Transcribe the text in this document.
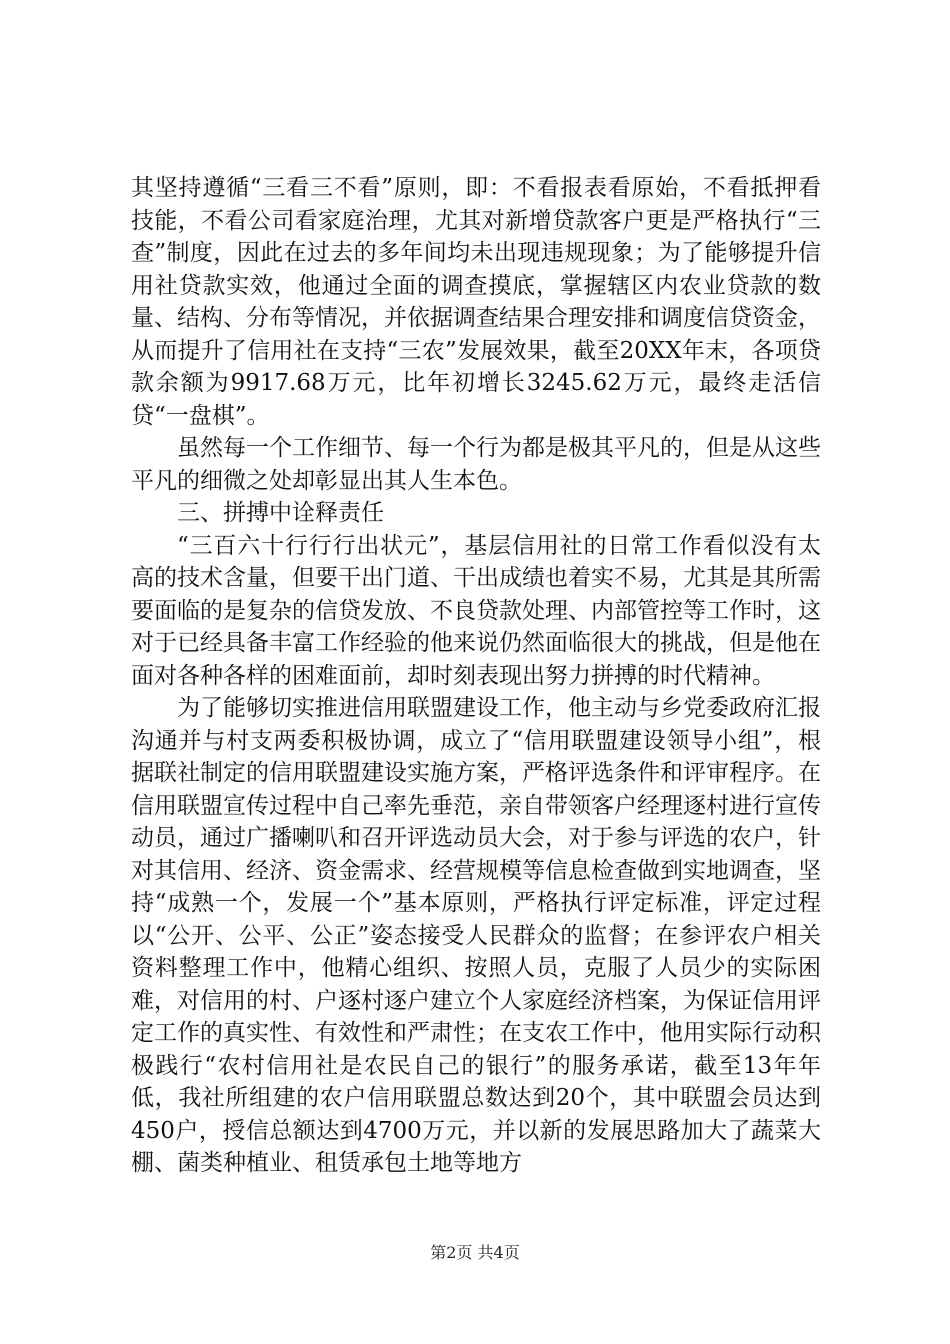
其坚持遵循“三看三不看”原则，即：不看报表看原始，不看抵押看技能，不看公司看家庭治理，尤其对新增贷款客户更是严格执行“三查”制度，因此在过去的多年间均未出现违规现象；为了能够提升信用社贷款实效，他通过全面的调查摸底，掌握辖区内农业贷款的数量、结构、分布等情况，并依据调查结果合理安排和调度信贷资金，从而提升了信用社在支持“三农”发展效果，截至20XX年末，各项贷款余额为9917.68万元，比年初增长3245.62万元，最终走活信贷“一盘棋”。

虽然每一个工作细节、每一个行为都是极其平凡的，但是从这些平凡的细微之处却彰显出其人生本色。

三、拼搏中诠释责任

“三百六十行行行出状元”，基层信用社的日常工作看似没有太高的技术含量，但要干出门道、干出成绩也着实不易，尤其是其所需要面临的是复杂的信贷发放、不良贷款处理、内部管控等工作时，这对于已经具备丰富工作经验的他来说仍然面临很大的挑战，但是他在面对各种各样的困难面前，却时刻表现出努力拼搏的时代精神。

为了能够切实推进信用联盟建设工作，他主动与乡党委政府汇报沟通并与村支两委积极协调，成立了“信用联盟建设领导小组”，根据联社制定的信用联盟建设实施方案，严格评选条件和评审程序。在信用联盟宣传过程中自己率先垂范，亲自带领客户经理逐村进行宣传动员，通过广播喇叭和召开评选动员大会，对于参与评选的农户，针对其信用、经济、资金需求、经营规模等信息检查做到实地调查，坚持“成熟一个，发展一个”基本原则，严格执行评定标准，评定过程以“公开、公平、公正”姿态接受人民群众的监督；在参评农户相关资料整理工作中，他精心组织、按照人员，克服了人员少的实际困难，对信用的村、户逐村逐户建立个人家庭经济档案，为保证信用评定工作的真实性、有效性和严肃性；在支农工作中，他用实际行动积极践行“农村信用社是农民自己的银行”的服务承诺，截至13年年低，我社所组建的农户信用联盟总数达到20个，其中联盟会员达到450户，授信总额达到4700万元，并以新的发展思路加大了蔬菜大棚、菌类种植业、租赁承包土地等地方

第2页 共4页
